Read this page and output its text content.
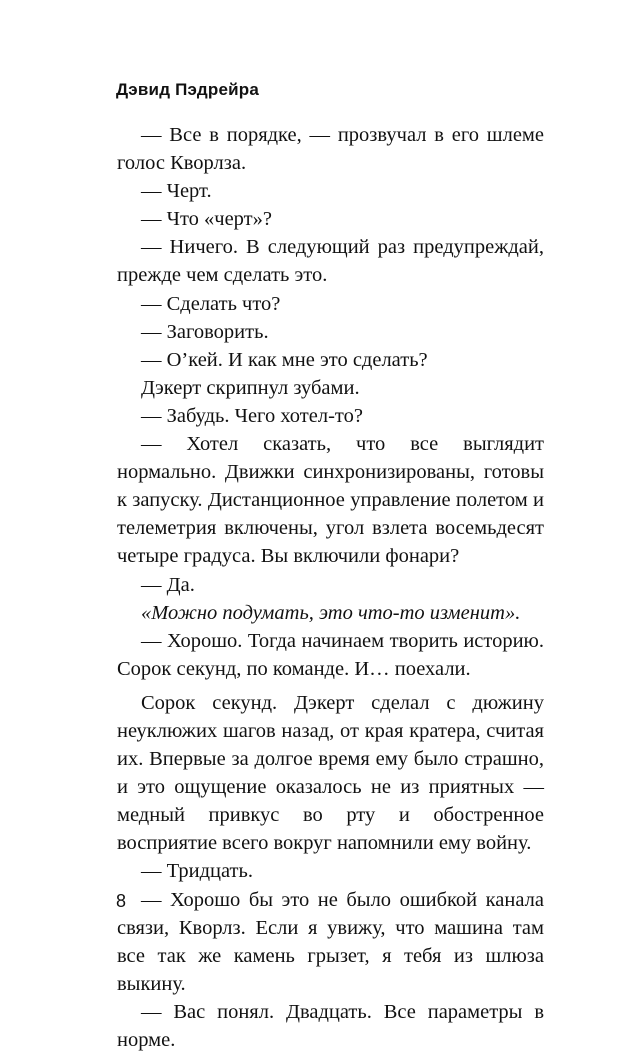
Дэвид Пэдрейра

— Все в порядке, — прозвучал в его шлеме голос Кворлза.

— Черт.

— Что «черт»?

— Ничего. В следующий раз предупреждай, прежде чем сделать это.

— Сделать что?

— Заговорить.

— О’кей. И как мне это сделать?

Дэкерт скрипнул зубами.

— Забудь. Чего хотел-то?

— Хотел сказать, что все выглядит нормально. Движки синхронизированы, готовы к запуску. Дистанционное управление полетом и телеметрия включены, угол взлета восемьдесят четыре градуса. Вы включили фонари?

— Да.

«Можно подумать, это что-то изменит».

— Хорошо. Тогда начинаем творить историю. Сорок секунд, по команде. И… поехали.

Сорок секунд. Дэкерт сделал с дюжину неуклюжих шагов назад, от края кратера, считая их. Впервые за долгое время ему было страшно, и это ощущение оказалось не из приятных — медный привкус во рту и обостренное восприятие всего вокруг напомнили ему войну.

— Тридцать.

— Хорошо бы это не было ошибкой канала связи, Кворлз. Если я увижу, что машина там все так же камень грызет, я тебя из шлюза выкину.

— Вас понял. Двадцать. Все параметры в норме.

8
